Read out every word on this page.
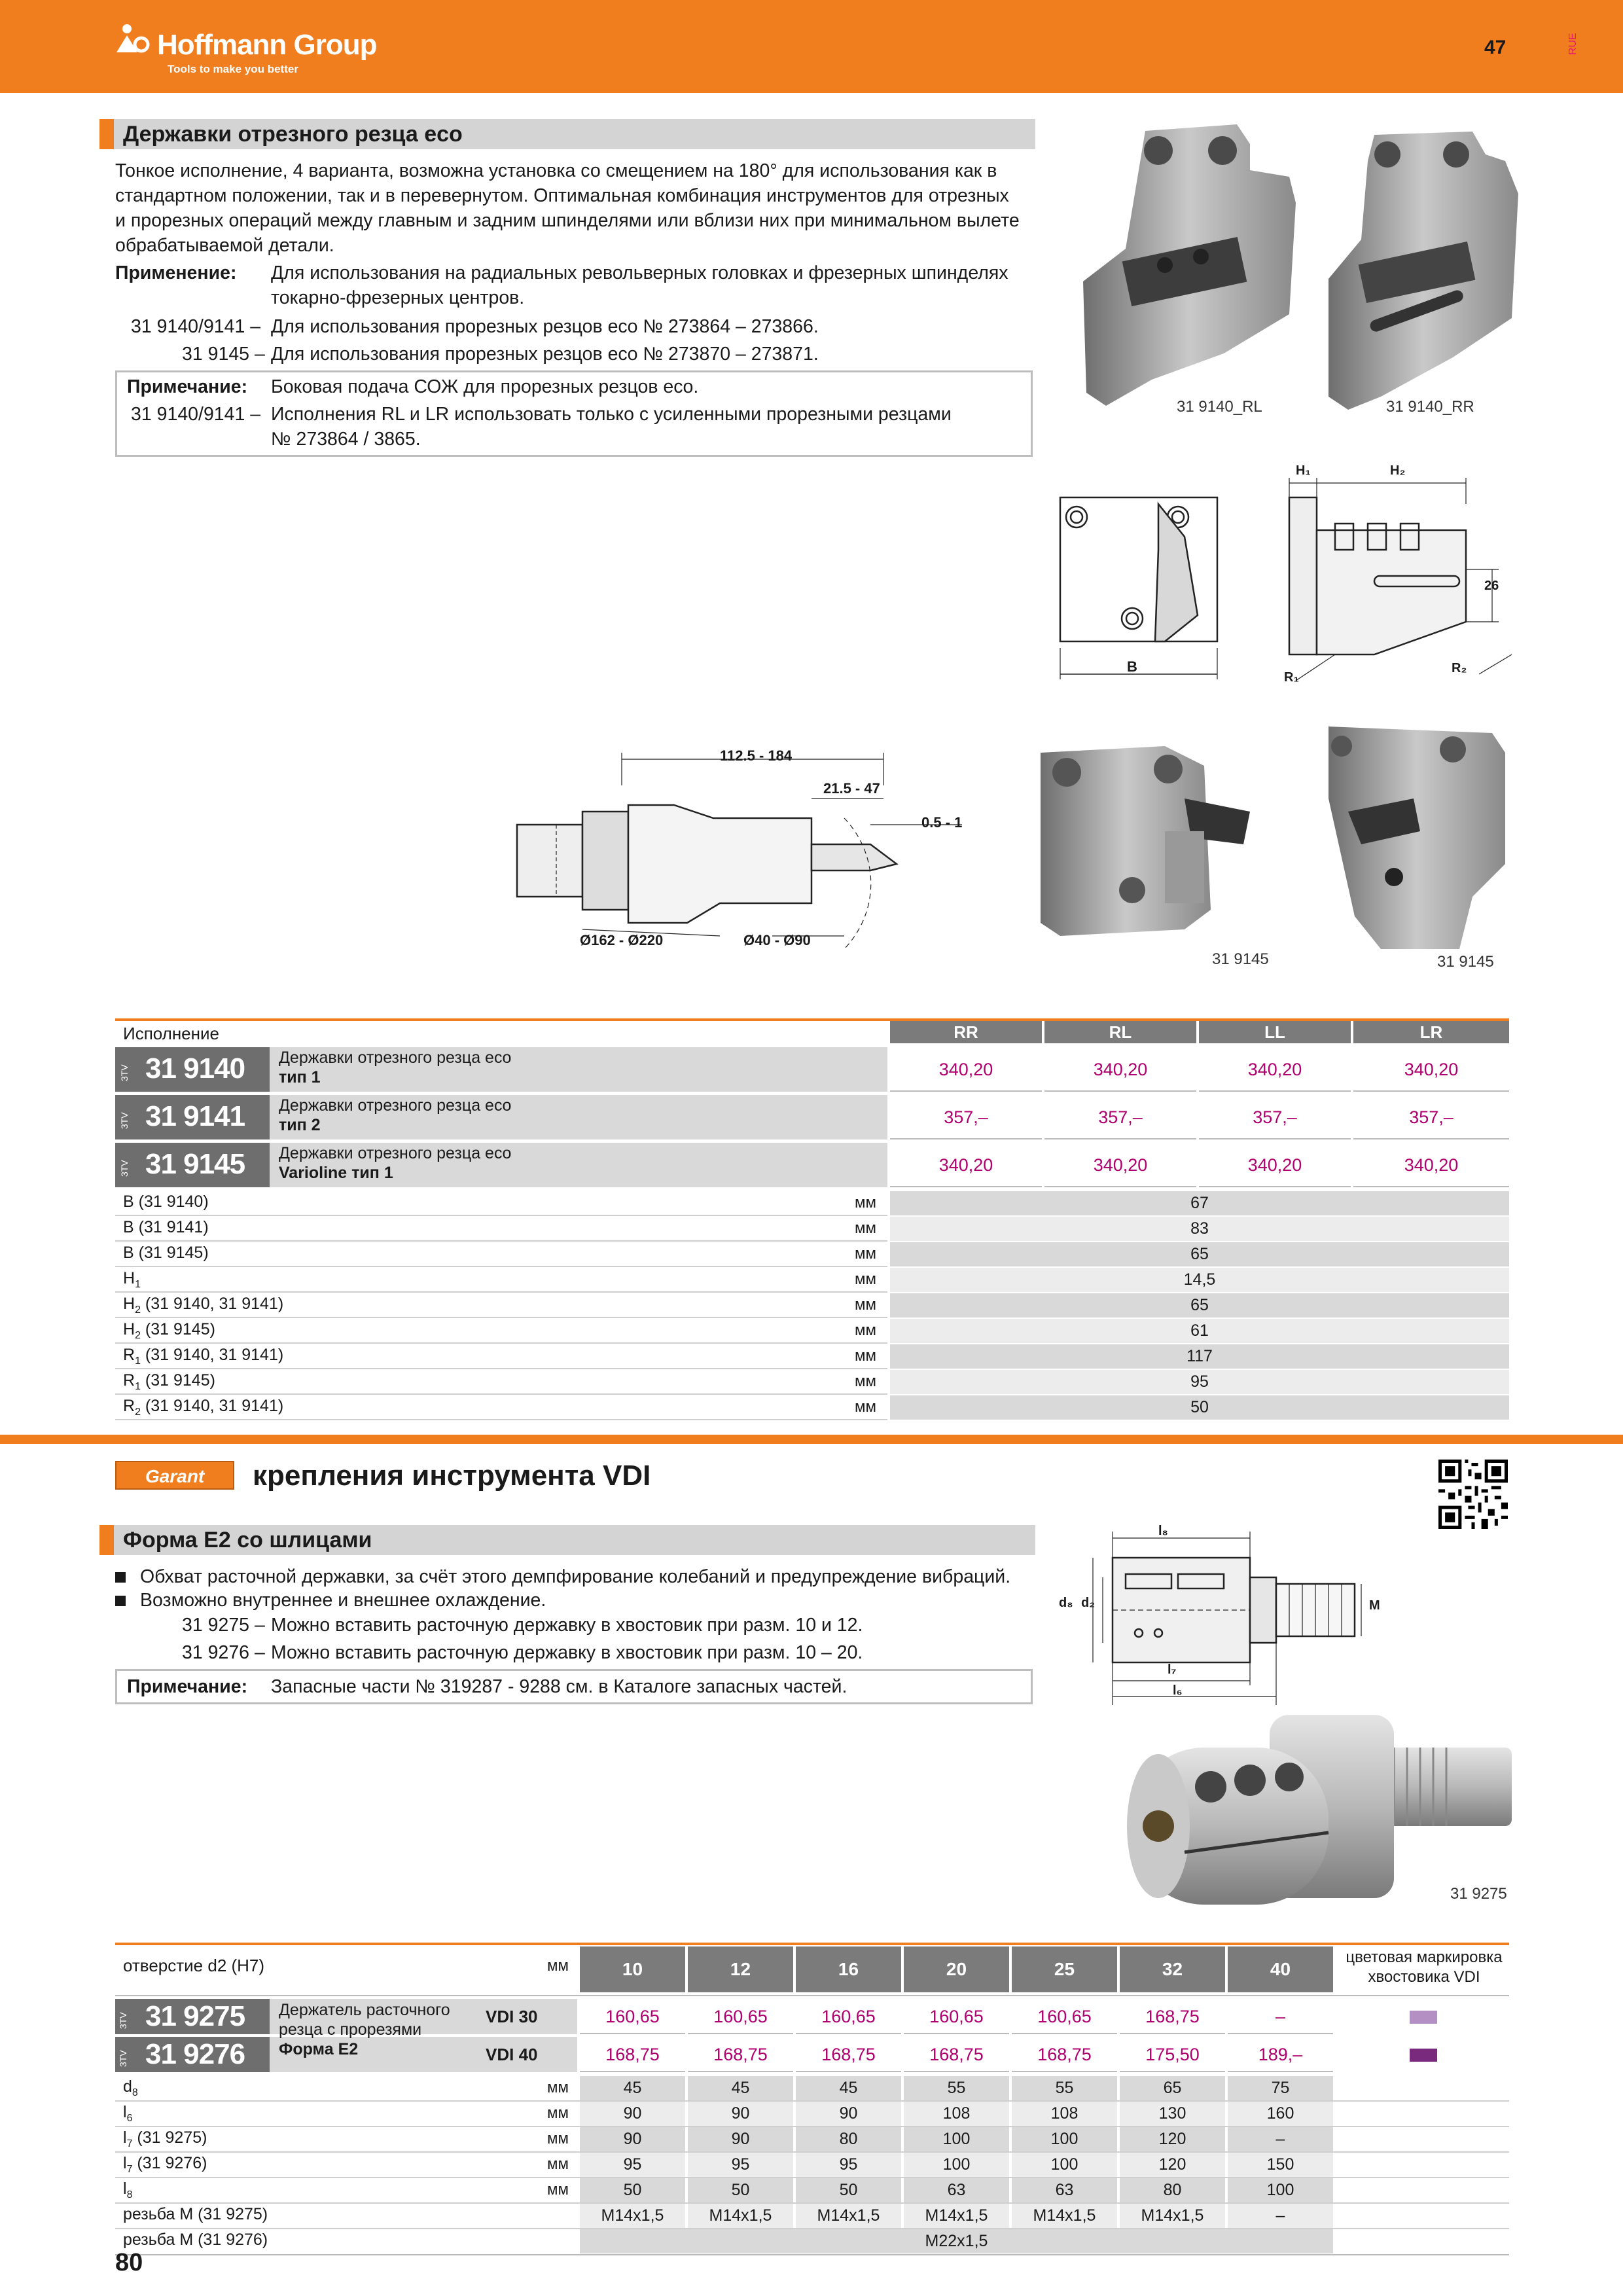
Hoffmann Group
Tools to make you better
47	RUE
Державки отрезного резца eco
Тонкое исполнение, 4 варианта, возможна установка со смещением на 180° для использования как в
стандартном положении, так и в перевернутом. Оптимальная комбинация инструментов для отрезных
и прорезных операций между главным и задним шпинделями или вблизи них при минимальном вылете
обрабатываемой детали.
Применение: Для использования на радиальных револьверных головках и фрезерных шпинделях
токарно-фрезерных центров.
31 9140/9141 – Для использования прорезных резцов eco № 273864 – 273866.
31 9145 – Для использования прорезных резцов eco № 273870 – 273871.
Примечание: Боковая подача СОЖ для прорезных резцов eco.
31 9140/9141 – Исполнения RL и LR использовать только с усиленными прорезными резцами
№ 273864 / 3865.
31 9140_RL	31 9140_RR
B
H₁	H₂
26
R₁
R₂
112.5 - 184
21.5 - 47
0.5 - 1
Ø162 - Ø220	Ø40 - Ø90
31 9145	31 9145
Исполнение	RR	RL	LL	LR
3TV 31 9140 Державки отрезного резца eco
тип 1	340,20	340,20	340,20	340,20
3TV 31 9141 Державки отрезного резца eco
тип 2	357,–	357,–	357,–	357,–
3TV 31 9145 Державки отрезного резца eco
Varioline тип 1	340,20	340,20	340,20	340,20
B (31 9140)	мм	67
B (31 9141)	мм	83
B (31 9145)	мм	65
$H_1$	мм	14,5
$H_2$ (31 9140, 31 9141)	мм	65
$H_2$ (31 9145)	мм	61
$R_1$ (31 9140, 31 9141)	мм	117
$R_1$ (31 9145)	мм	95
$R_2$ (31 9140, 31 9141)	мм	50
Garant крепления инструмента VDI
Форма E2 со шлицами
Обхват расточной державки, за счёт этого демпфирование колебаний и предупреждение вибраций.
Возможно внутреннее и внешнее охлаждение.
31 9275 – Можно вставить расточную державку в хвостовик при разм. 10 и 12.
31 9276 – Можно вставить расточную державку в хвостовик при разм. 10 – 20.
Примечание: Запасные части № 319287 - 9288 см. в Каталоге запасных частей.
l₈
d₈ d₂	M
l₇
l₆
31 9275
отверстие d2 (H7)	мм	10	12	16	20	25	32	40
цветовая маркировка
хвостовика VDI
3TV 31 9275	VDI 30	160,65	160,65	160,65	160,65	160,65	168,75	–
3TV 31 9276	VDI 40	168,75	168,75	168,75	168,75	168,75	175,50	189,–
Держатель расточного
резца с прорезями
Форма E2
$d_8$	мм	45	45	45	55	55	65	75
$l_6$	мм	90	90	90	108	108	130	160
$l_7$ (31 9275)	мм	90	90	80	100	100	120	–
$l_7$ (31 9276)	мм	95	95	95	100	100	120	150
$l_8$	мм	50	50	50	63	63	80	100
резьба M (31 9275)	M14x1,5	M14x1,5	M14x1,5	M14x1,5	M14x1,5	M14x1,5	–
резьба M (31 9276)	M22x1,5
80
